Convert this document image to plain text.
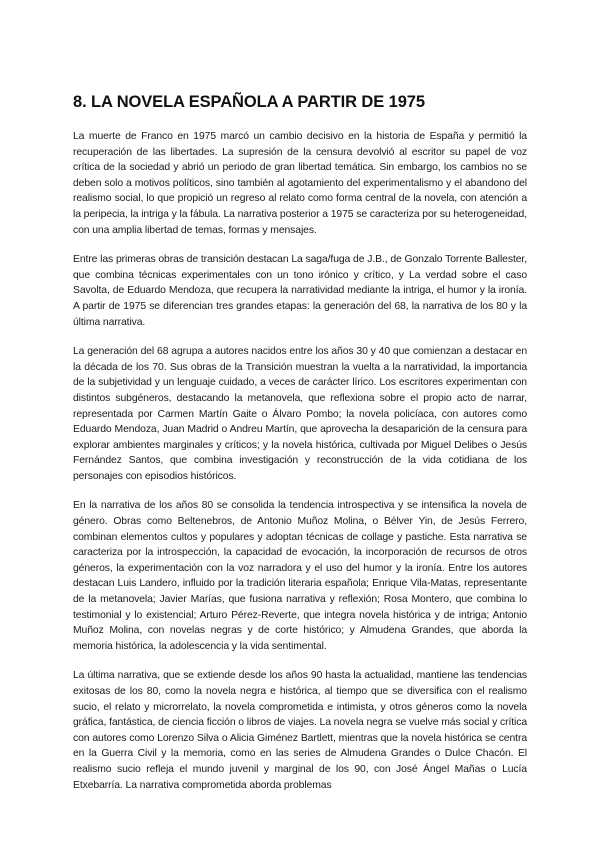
8. LA NOVELA ESPAÑOLA A PARTIR DE 1975

La muerte de Franco en 1975 marcó un cambio decisivo en la historia de España y permitió la recuperación de las libertades. La supresión de la censura devolvió al escritor su papel de voz crítica de la sociedad y abrió un periodo de gran libertad temática. Sin embargo, los cambios no se deben solo a motivos políticos, sino también al agotamiento del experimentalismo y el abandono del realismo social, lo que propició un regreso al relato como forma central de la novela, con atención a la peripecia, la intriga y la fábula. La narrativa posterior a 1975 se caracteriza por su heterogeneidad, con una amplia libertad de temas, formas y mensajes.

Entre las primeras obras de transición destacan La saga/fuga de J.B., de Gonzalo Torrente Ballester, que combina técnicas experimentales con un tono irónico y crítico, y La verdad sobre el caso Savolta, de Eduardo Mendoza, que recupera la narratividad mediante la intriga, el humor y la ironía. A partir de 1975 se diferencian tres grandes etapas: la generación del 68, la narrativa de los 80 y la última narrativa.

La generación del 68 agrupa a autores nacidos entre los años 30 y 40 que comienzan a destacar en la década de los 70. Sus obras de la Transición muestran la vuelta a la narratividad, la importancia de la subjetividad y un lenguaje cuidado, a veces de carácter lírico. Los escritores experimentan con distintos subgéneros, destacando la metanovela, que reflexiona sobre el propio acto de narrar, representada por Carmen Martín Gaite o Álvaro Pombo; la novela policíaca, con autores como Eduardo Mendoza, Juan Madrid o Andreu Martín, que aprovecha la desaparición de la censura para explorar ambientes marginales y críticos; y la novela histórica, cultivada por Miguel Delibes o Jesús Fernández Santos, que combina investigación y reconstrucción de la vida cotidiana de los personajes con episodios históricos.

En la narrativa de los años 80 se consolida la tendencia introspectiva y se intensifica la novela de género. Obras como Beltenebros, de Antonio Muñoz Molina, o Bélver Yin, de Jesús Ferrero, combinan elementos cultos y populares y adoptan técnicas de collage y pastiche. Esta narrativa se caracteriza por la introspección, la capacidad de evocación, la incorporación de recursos de otros géneros, la experimentación con la voz narradora y el uso del humor y la ironía. Entre los autores destacan Luis Landero, influido por la tradición literaria española; Enrique Vila-Matas, representante de la metanovela; Javier Marías, que fusiona narrativa y reflexión; Rosa Montero, que combina lo testimonial y lo existencial; Arturo Pérez-Reverte, que integra novela histórica y de intriga; Antonio Muñoz Molina, con novelas negras y de corte histórico; y Almudena Grandes, que aborda la memoria histórica, la adolescencia y la vida sentimental.

La última narrativa, que se extiende desde los años 90 hasta la actualidad, mantiene las tendencias exitosas de los 80, como la novela negra e histórica, al tiempo que se diversifica con el realismo sucio, el relato y microrrelato, la novela comprometida e intimista, y otros géneros como la novela gráfica, fantástica, de ciencia ficción o libros de viajes. La novela negra se vuelve más social y crítica con autores como Lorenzo Silva o Alicia Giménez Bartlett, mientras que la novela histórica se centra en la Guerra Civil y la memoria, como en las series de Almudena Grandes o Dulce Chacón. El realismo sucio refleja el mundo juvenil y marginal de los 90, con José Ángel Mañas o Lucía Etxebarría. La narrativa comprometida aborda problemas
